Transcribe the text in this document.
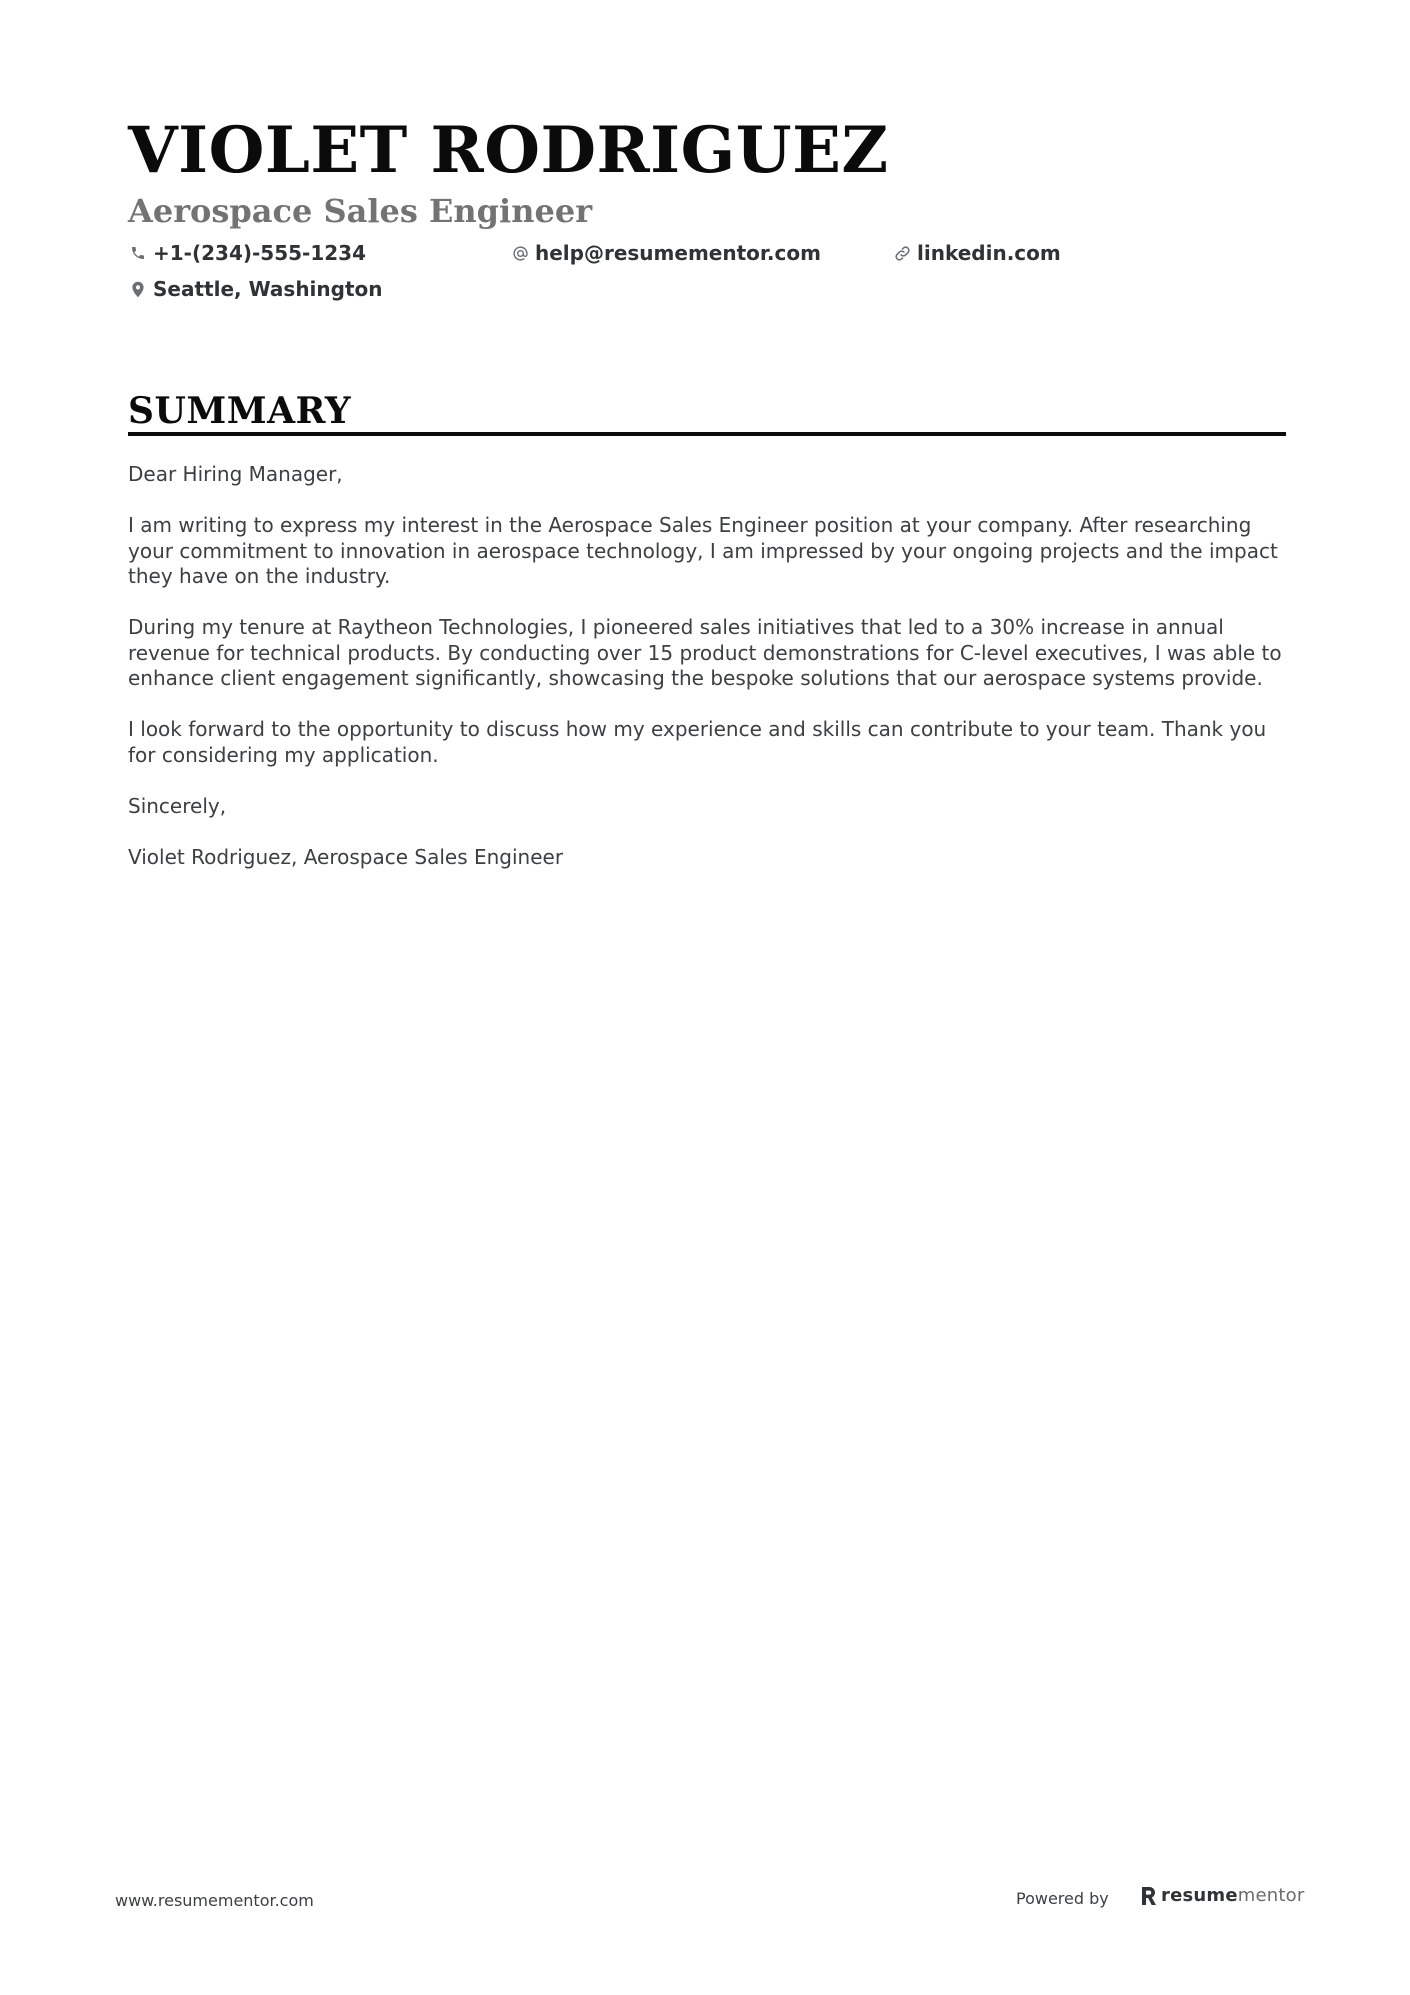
VIOLET RODRIGUEZ
Aerospace Sales Engineer
+1-(234)-555-1234	help@resumementor.com	linkedin.com
Seattle, Washington
SUMMARY

Dear Hiring Manager,

I am writing to express my interest in the Aerospace Sales Engineer position at your company. After researching your commitment to innovation in aerospace technology, I am impressed by your ongoing projects and the impact they have on the industry.

During my tenure at Raytheon Technologies, I pioneered sales initiatives that led to a 30% increase in annual revenue for technical products. By conducting over 15 product demonstrations for C-level executives, I was able to enhance client engagement significantly, showcasing the bespoke solutions that our aerospace systems provide.

I look forward to the opportunity to discuss how my experience and skills can contribute to your team. Thank you for considering my application.

Sincerely,

Violet Rodriguez, Aerospace Sales Engineer

www.resumementor.com	Powered by	resumementor
